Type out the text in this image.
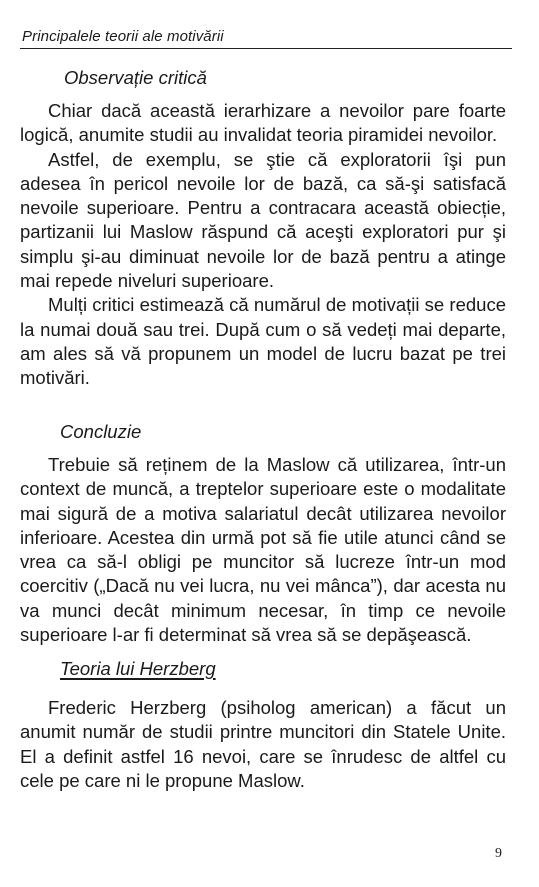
Principalele teorii ale motivării
Observație critică

Chiar dacă această ierarhizare a nevoilor pare foarte logică, anumite studii au invalidat teoria piramidei nevoilor.

Astfel, de exemplu, se ştie că exploratorii îşi pun adesea în pericol nevoile lor de bază, ca să-şi satisfacă nevoile superioare. Pentru a contracara această obiecție, partizanii lui Maslow răspund că aceşti exploratori pur şi simplu şi-au diminuat nevoile lor de bază pentru a atinge mai repede niveluri superioare.

Mulți critici estimează că numărul de motivații se reduce la numai două sau trei. După cum o să vedeți mai departe, am ales să vă propunem un model de lucru bazat pe trei motivări.

Concluzie

Trebuie să reținem de la Maslow că utilizarea, într-un context de muncă, a treptelor superioare este o modalitate mai sigură de a motiva salariatul decât utilizarea nevoilor inferioare. Acestea din urmă pot să fie utile atunci când se vrea ca să-l obligi pe muncitor să lucreze într-un mod coercitiv („Dacă nu vei lucra, nu vei mânca”), dar acesta nu va munci decât minimum necesar, în timp ce nevoile superioare l-ar fi determinat să vrea să se depăşească.

Teoria lui Herzberg

Frederic Herzberg (psiholog american) a făcut un anumit număr de studii printre muncitori din Statele Unite. El a definit astfel 16 nevoi, care se înrudesc de altfel cu cele pe care ni le propune Maslow.

9
